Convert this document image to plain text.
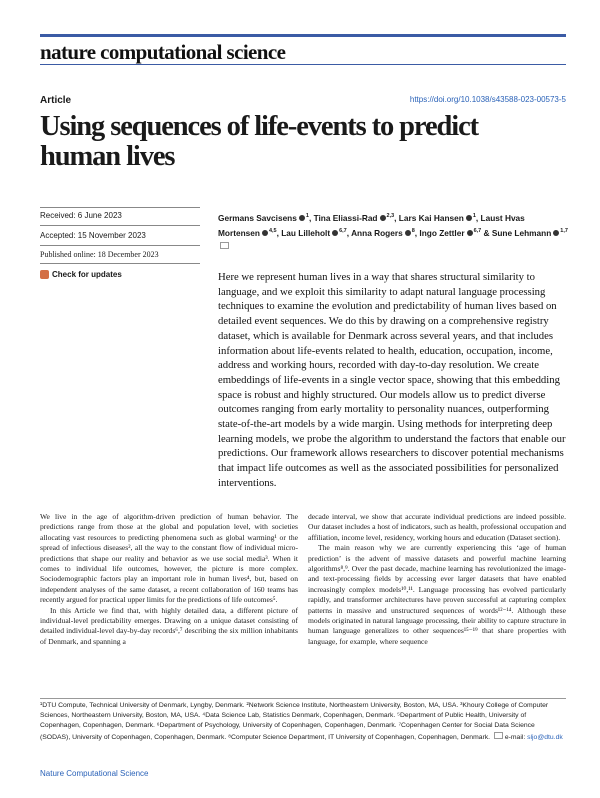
nature computational science
Article	https://doi.org/10.1038/s43588-023-00573-5
Using sequences of life-events to predict human lives
Received: 6 June 2023
Accepted: 15 November 2023
Published online: 18 December 2023
Check for updates
Germans Savcisens $^1$, Tina Eliassi-Rad $^{2,3}$, Lars Kai Hansen $^1$, Laust Hvas Mortensen $^{4,5}$, Lau Lilleholt $^{6,7}$, Anna Rogers $^8$, Ingo Zettler $^{6,7}$ & Sune Lehmann $^{1,7}$
Here we represent human lives in a way that shares structural similarity to language, and we exploit this similarity to adapt natural language processing techniques to examine the evolution and predictability of human lives based on detailed event sequences. We do this by drawing on a comprehensive registry dataset, which is available for Denmark across several years, and that includes information about life-events related to health, education, occupation, income, address and working hours, recorded with day-to-day resolution. We create embeddings of life-events in a single vector space, showing that this embedding space is robust and highly structured. Our models allow us to predict diverse outcomes ranging from early mortality to personality nuances, outperforming state-of-the-art models by a wide margin. Using methods for interpreting deep learning models, we probe the algorithm to understand the factors that enable our predictions. Our framework allows researchers to discover potential mechanisms that impact life outcomes as well as the associated possibilities for personalized interventions.

We live in the age of algorithm-driven prediction of human behavior. The predictions range from those at the global and population level, with societies allocating vast resources to predicting phenomena such as global warming¹ or the spread of infectious diseases², all the way to the constant flow of individual micro-predictions that shape our reality and behavior as we use social media³. When it comes to individual life outcomes, however, the picture is more complex. Sociodemographic factors play an important role in human lives⁴, but, based on independent analyses of the same dataset, a recent collaboration of 160 teams has recently argued for practical upper limits for the predictions of life outcomes⁵.

In this Article we find that, with highly detailed data, a different picture of individual-level predictability emerges. Drawing on a unique dataset consisting of detailed individual-level day-by-day records⁶,⁷ describing the six million inhabitants of Denmark, and spanning a

decade interval, we show that accurate individual predictions are indeed possible. Our dataset includes a host of indicators, such as health, professional occupation and affiliation, income level, residency, working hours and education (Dataset section).

The main reason why we are currently experiencing this ‘age of human prediction’ is the advent of massive datasets and powerful machine learning algorithms⁸,⁹. Over the past decade, machine learning has revolutionized the image- and text-processing fields by accessing ever larger datasets that have enabled increasingly complex models¹⁰,¹¹. Language processing has evolved particularly rapidly, and transformer architectures have proven successful at capturing complex patterns in massive and unstructured sequences of words¹²⁻¹⁴. Although these models originated in natural language processing, their ability to capture structure in human language generalizes to other sequences¹⁵⁻¹⁹ that share properties with language, for example, where sequence

¹DTU Compute, Technical University of Denmark, Lyngby, Denmark. ²Network Science Institute, Northeastern University, Boston, MA, USA. ³Khoury College of Computer Sciences, Northeastern University, Boston, MA, USA. ⁴Data Science Lab, Statistics Denmark, Copenhagen, Denmark. ⁵Department of Public Health, University of Copenhagen, Copenhagen, Denmark. ⁶Department of Psychology, University of Copenhagen, Copenhagen, Denmark. ⁷Copenhagen Center for Social Data Science (SODAS), University of Copenhagen, Copenhagen, Denmark. ⁸Computer Science Department, IT University of Copenhagen, Copenhagen, Denmark. e-mail: sljo@dtu.dk
Nature Computational Science
